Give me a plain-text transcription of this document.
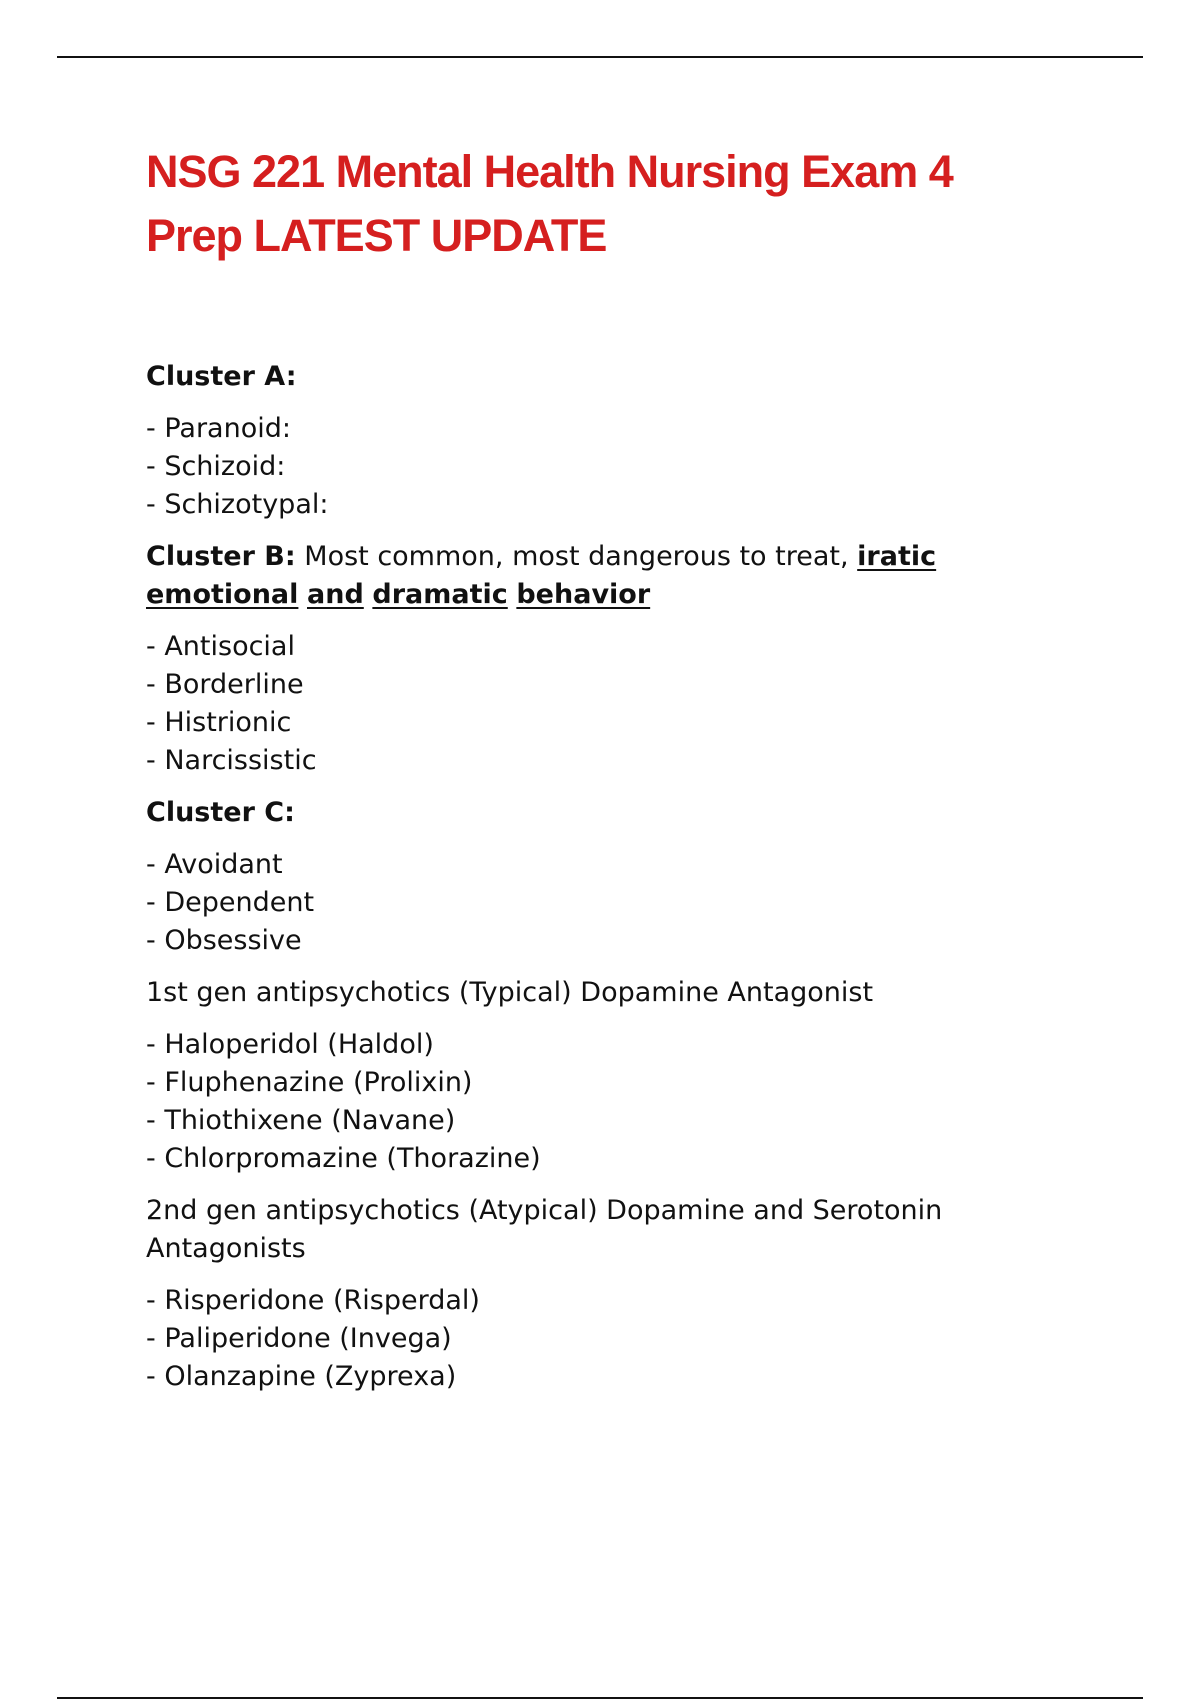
NSG 221 Mental Health Nursing Exam 4
Prep LATEST UPDATE

Cluster A:

- Paranoid:
- Schizoid:
- Schizotypal:

Cluster B: Most common, most dangerous to treat, iratic
emotional and dramatic behavior

- Antisocial
- Borderline
- Histrionic
- Narcissistic

Cluster C:

- Avoidant
- Dependent
- Obsessive

1st gen antipsychotics (Typical) Dopamine Antagonist

- Haloperidol (Haldol)
- Fluphenazine (Prolixin)
- Thiothixene (Navane)
- Chlorpromazine (Thorazine)

2nd gen antipsychotics (Atypical) Dopamine and Serotonin
Antagonists

- Risperidone (Risperdal)
- Paliperidone (Invega)
- Olanzapine (Zyprexa)
